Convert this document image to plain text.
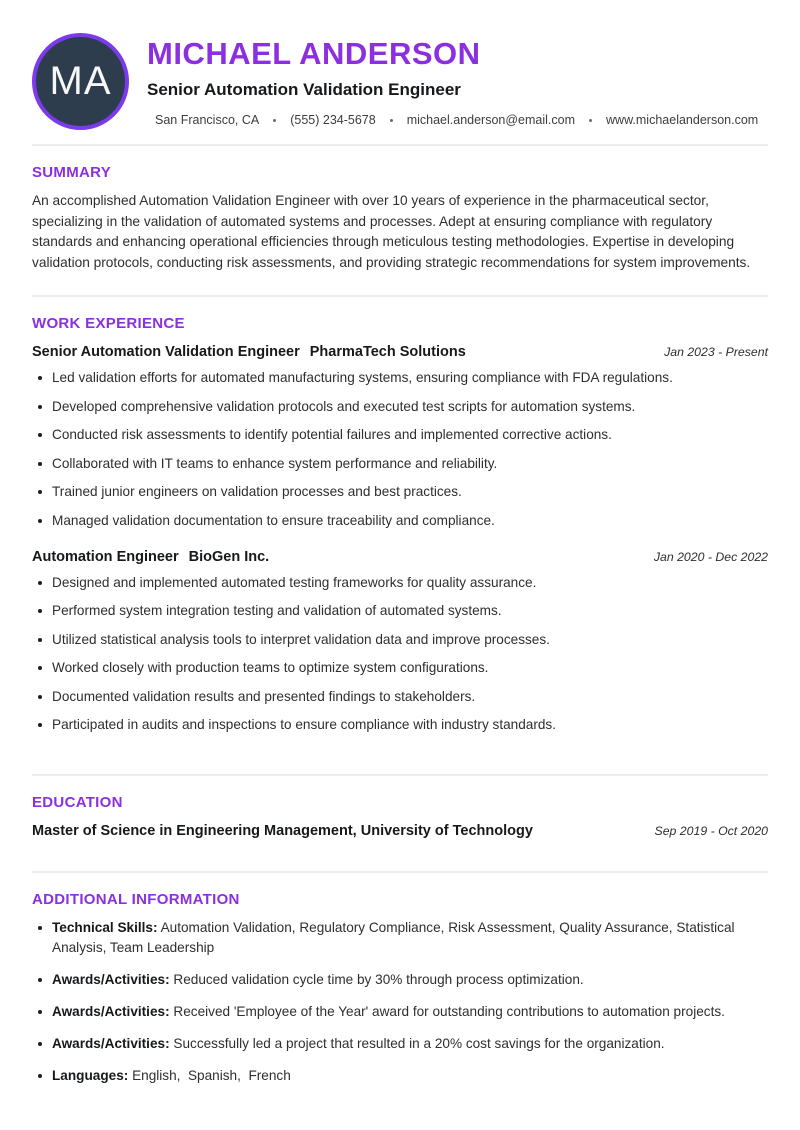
MA
MICHAEL ANDERSON
Senior Automation Validation Engineer
San Francisco, CA (555) 234-5678 michael.anderson@email.com www.michaelanderson.com
SUMMARY

An accomplished Automation Validation Engineer with over 10 years of experience in the pharmaceutical sector, specializing in the validation of automated systems and processes. Adept at ensuring compliance with regulatory standards and enhancing operational efficiencies through meticulous testing methodologies. Expertise in developing validation protocols, conducting risk assessments, and providing strategic recommendations for system improvements.

WORK EXPERIENCE
Senior Automation Validation Engineer PharmaTech Solutions	Jan 2023 - Present
Led validation efforts for automated manufacturing systems, ensuring compliance with FDA regulations.
Developed comprehensive validation protocols and executed test scripts for automation systems.
Conducted risk assessments to identify potential failures and implemented corrective actions.
Collaborated with IT teams to enhance system performance and reliability.
Trained junior engineers on validation processes and best practices.
Managed validation documentation to ensure traceability and compliance.
Automation Engineer BioGen Inc.	Jan 2020 - Dec 2022
Designed and implemented automated testing frameworks for quality assurance.
Performed system integration testing and validation of automated systems.
Utilized statistical analysis tools to interpret validation data and improve processes.
Worked closely with production teams to optimize system configurations.
Documented validation results and presented findings to stakeholders.
Participated in audits and inspections to ensure compliance with industry standards.
EDUCATION
Master of Science in Engineering Management, University of Technology	Sep 2019 - Oct 2020
ADDITIONAL INFORMATION
Technical Skills: Automation Validation, Regulatory Compliance, Risk Assessment, Quality Assurance, Statistical Analysis, Team Leadership
Awards/Activities: Reduced validation cycle time by 30% through process optimization.
Awards/Activities: Received 'Employee of the Year' award for outstanding contributions to automation projects.
Awards/Activities: Successfully led a project that resulted in a 20% cost savings for the organization.
Languages: English,  Spanish,  French
